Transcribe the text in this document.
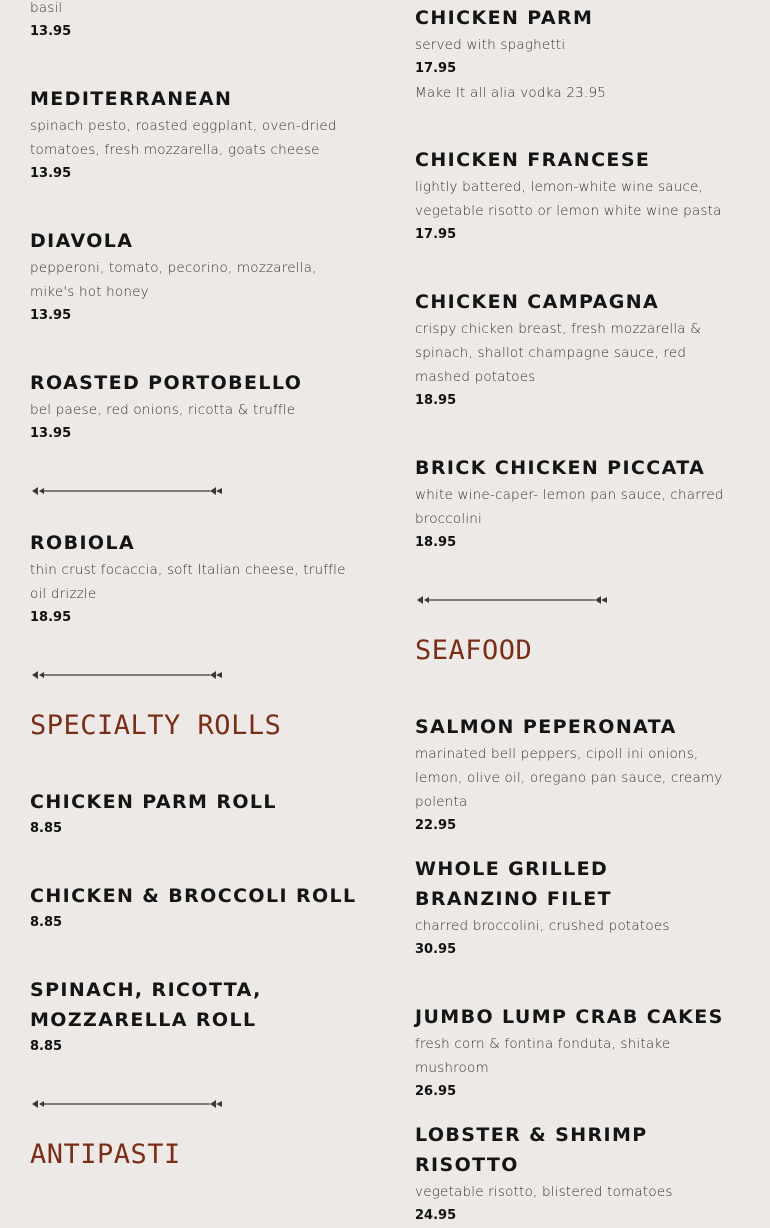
basil
13.95
MEDITERRANEAN
spinach pesto, roasted eggplant, oven-dried tomatoes, fresh mozzarella, goats cheese
13.95
DIAVOLA
pepperoni, tomato, pecorino, mozzarella, mike's hot honey
13.95
ROASTED PORTOBELLO
bel paese, red onions, ricotta & truffle
13.95
ROBIOLA
thin crust focaccia, soft Italian cheese, truffle oil drizzle
18.95
SPECIALTY ROLLS
CHICKEN PARM ROLL
8.85
CHICKEN & BROCCOLI ROLL
8.85
SPINACH, RICOTTA, MOZZARELLA ROLL
8.85
ANTIPASTI
CHICKEN PARM
served with spaghetti
17.95
Make It all alia vodka 23.95
CHICKEN FRANCESE
lightly battered, lemon-white wine sauce, vegetable risotto or lemon white wine pasta
17.95
CHICKEN CAMPAGNA
crispy chicken breast, fresh mozzarella & spinach, shallot champagne sauce, red mashed potatoes
18.95
BRICK CHICKEN PICCATA
white wine-caper- lemon pan sauce, charred broccolini
18.95
SEAFOOD
SALMON PEPERONATA
marinated bell peppers, cipoll ini onions, lemon, olive oil, oregano pan sauce, creamy polenta
22.95
WHOLE GRILLED BRANZINO FILET
charred broccolini, crushed potatoes
30.95
JUMBO LUMP CRAB CAKES
fresh corn & fontina fonduta, shitake mushroom
26.95
LOBSTER & SHRIMP RISOTTO
vegetable risotto, blistered tomatoes
24.95
